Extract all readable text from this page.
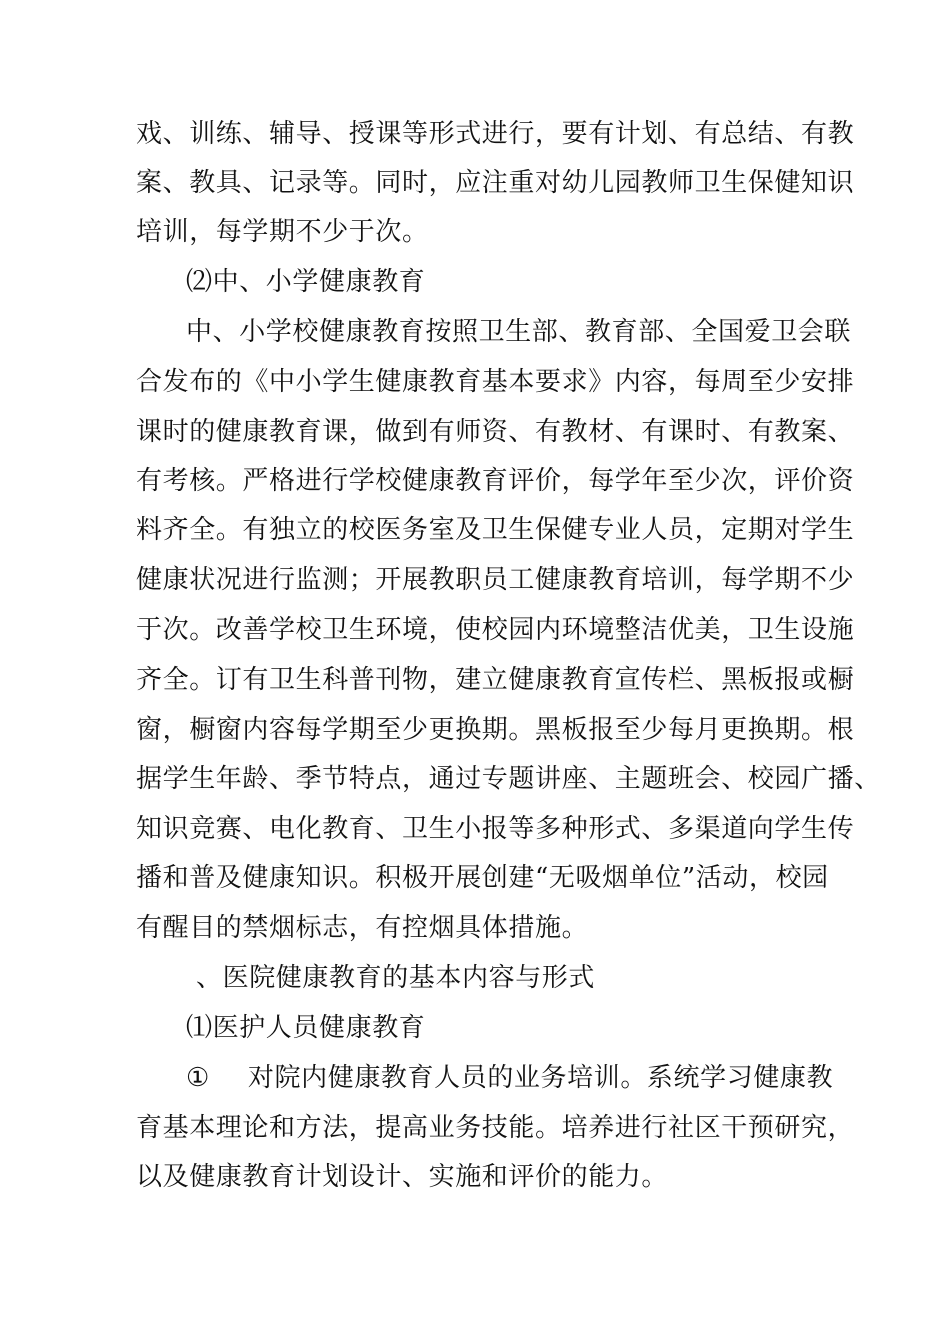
戏、训练、辅导、授课等形式进行，要有计划、有总结、有教
案、教具、记录等。同时，应注重对幼儿园教师卫生保健知识
培训，每学期不少于次。
⑵中、小学健康教育
中、小学校健康教育按照卫生部、教育部、全国爱卫会联
合发布的《中小学生健康教育基本要求》内容，每周至少安排
课时的健康教育课，做到有师资、有教材、有课时、有教案、
有考核。严格进行学校健康教育评价，每学年至少次，评价资
料齐全。有独立的校医务室及卫生保健专业人员，定期对学生
健康状况进行监测；开展教职员工健康教育培训，每学期不少
于次。改善学校卫生环境，使校园内环境整洁优美，卫生设施
齐全。订有卫生科普刊物，建立健康教育宣传栏、黑板报或橱
窗，橱窗内容每学期至少更换期。黑板报至少每月更换期。根
据学生年龄、季节特点，通过专题讲座、主题班会、校园广播、
知识竞赛、电化教育、卫生小报等多种形式、多渠道向学生传
播和普及健康知识。积极开展创建“无吸烟单位”活动，校园
有醒目的禁烟标志，有控烟具体措施。
、医院健康教育的基本内容与形式
⑴医护人员健康教育
① 对院内健康教育人员的业务培训。系统学习健康教
育基本理论和方法，提高业务技能。培养进行社区干预研究，
以及健康教育计划设计、实施和评价的能力。
